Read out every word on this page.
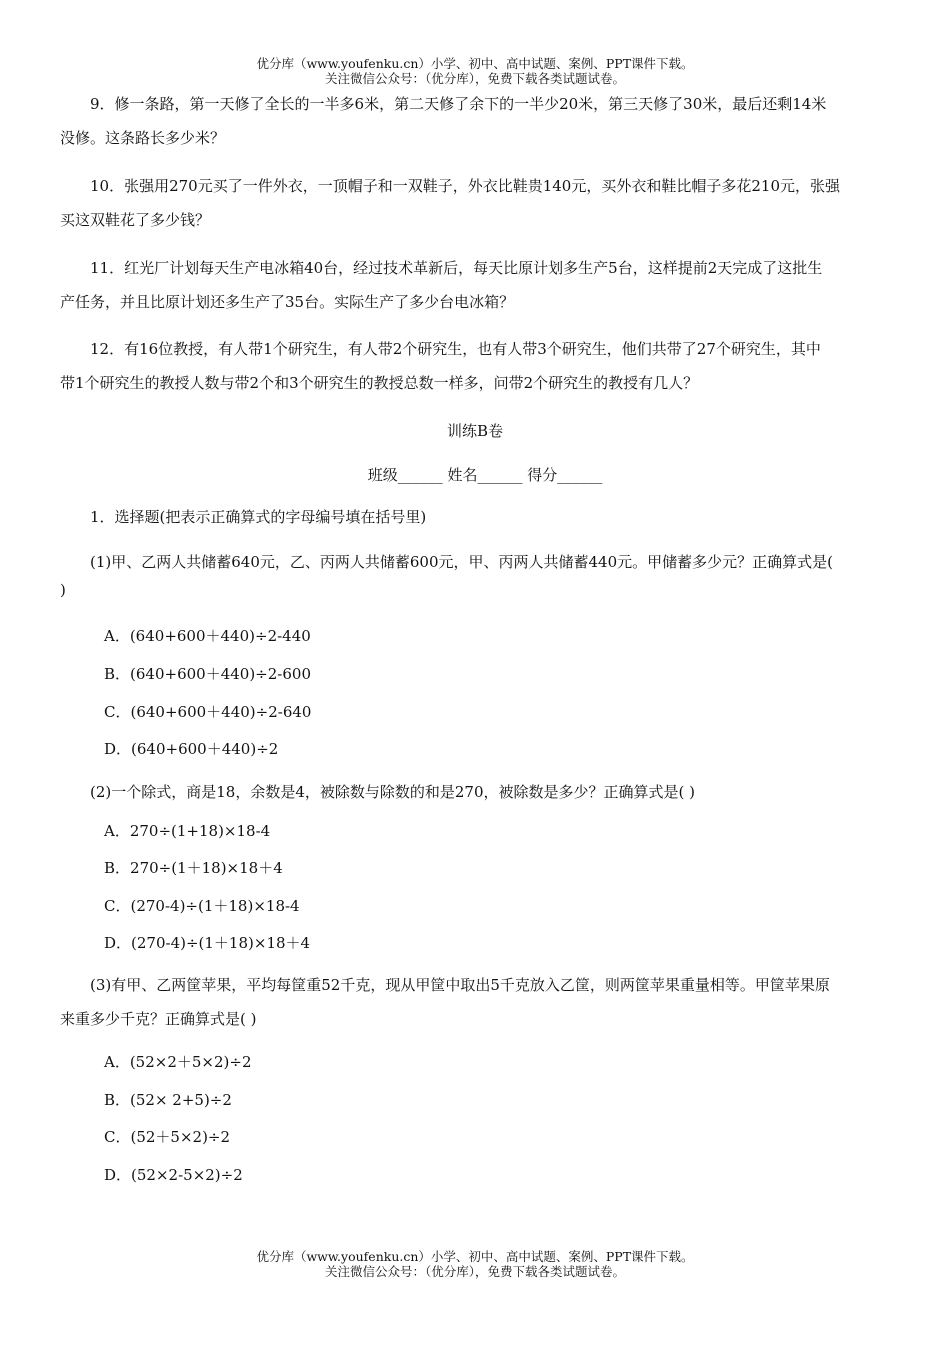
优分库（www.youfenku.cn）小学、初中、高中试题、案例、PPT课件下载。
关注微信公众号：（优分库），免费下载各类试题试卷。
9．修一条路，第一天修了全长的一半多6米，第二天修了余下的一半少20米，第三天修了30米，最后还剩14米
没修。这条路长多少米？
10．张强用270元买了一件外衣，一顶帽子和一双鞋子，外衣比鞋贵140元，买外衣和鞋比帽子多花210元，张强
买这双鞋花了多少钱？
11．红光厂计划每天生产电冰箱40台，经过技术革新后，每天比原计划多生产5台，这样提前2天完成了这批生
产任务，并且比原计划还多生产了35台。实际生产了多少台电冰箱？
12．有16位教授，有人带1个研究生，有人带2个研究生，也有人带3个研究生，他们共带了27个研究生，其中
带1个研究生的教授人数与带2个和3个研究生的教授总数一样多，问带2个研究生的教授有几人？
训练B卷
班级______ 姓名______ 得分______
1．选择题(把表示正确算式的字母编号填在括号里)
(1)甲、乙两人共储蓄640元，乙、丙两人共储蓄600元，甲、丙两人共储蓄440元。甲储蓄多少元？正确算式是(
)
A．(640+600＋440)÷2-440
B．(640+600＋440)÷2-600
C．(640+600＋440)÷2-640
D．(640+600＋440)÷2
(2)一个除式，商是18，余数是4，被除数与除数的和是270，被除数是多少？正确算式是( )
A．270÷(1+18)×18-4
B．270÷(1＋18)×18＋4
C．(270-4)÷(1＋18)×18-4
D．(270-4)÷(1＋18)×18＋4
(3)有甲、乙两筐苹果，平均每筐重52千克，现从甲筐中取出5千克放入乙筐，则两筐苹果重量相等。甲筐苹果原
来重多少千克？正确算式是( )
A．(52×2＋5×2)÷2
B．(52× 2+5)÷2
C．(52＋5×2)÷2
D．(52×2-5×2)÷2
优分库（www.youfenku.cn）小学、初中、高中试题、案例、PPT课件下载。
关注微信公众号：（优分库），免费下载各类试题试卷。
